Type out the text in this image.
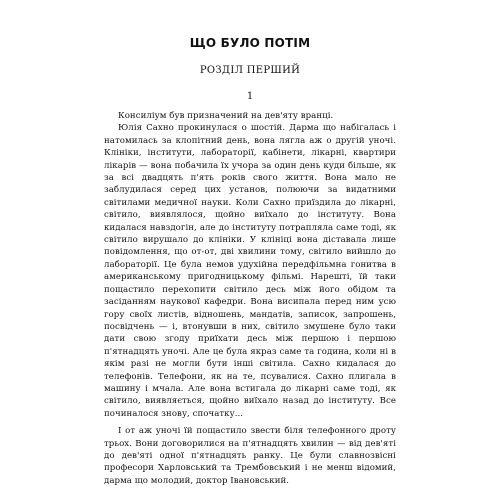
ЩО БУЛО ПОТІМ
РОЗДІЛ ПЕРШИЙ
1

Консиліум був призначений на дев'яту вранці.

Юлія Сахно прокинулася о шостій. Дарма що набігалась і натомилась за клопітний день, вона лягла аж о другій уночі. Клініки, інститути, лабораторії, кабінети, лікарні, квартири лікарів — вона побачила їх учора за один день куди більше, як за всі двадцять п'ять років свого життя. Вона мало не заблудилася серед цих установ, полюючи за видатними світилами медичної науки. Коли Сахно приїздила до лікарні, світило, виявлялося, щойно виїхало до інституту. Вона кидалася навздогін, але до інституту потрапляла саме тоді, як світило вирушало до клініки. У клініці вона діставала лише повідомлення, що от-от, дві хвилини тому, світило вийшло до лабораторії. Це була немов удухійна передфільмна гонитва в американському пригодницькому фільмі. Нарешті, їй таки пощастило перехопити світило десь між його обідом та засіданням наукової кафедри. Вона висипала перед ним усю гору своїх листів, відношень, мандатів, записок, запрошень, посвідчень — і, втонувши в них, світило змушене було таки дати свою згоду приїхати десь між першою і першою п'ятнадцять уночі. Але це була якраз саме та година, коли ні в якім разі не могли бути інші світила. Сахно кидалася до телефонів. Телефони, як на те, псувалися. Сахно плигала в машину і мчала. Але вона встигала до лікарні саме тоді, як світило, виявляється, щойно виїхало назад до інституту. Все починалося знову, спочатку...

І от аж уночі їй пощастило звести біля телефонного дроту трьох. Вони договорилися на п'ятнадцять хвилин — від дев'яті до дев'яті одної п'ятнадцять ранку. Це були славнозвісні професори Харловський та Трембовський і не менш відомий, дарма що молодий, доктор Івановський.
